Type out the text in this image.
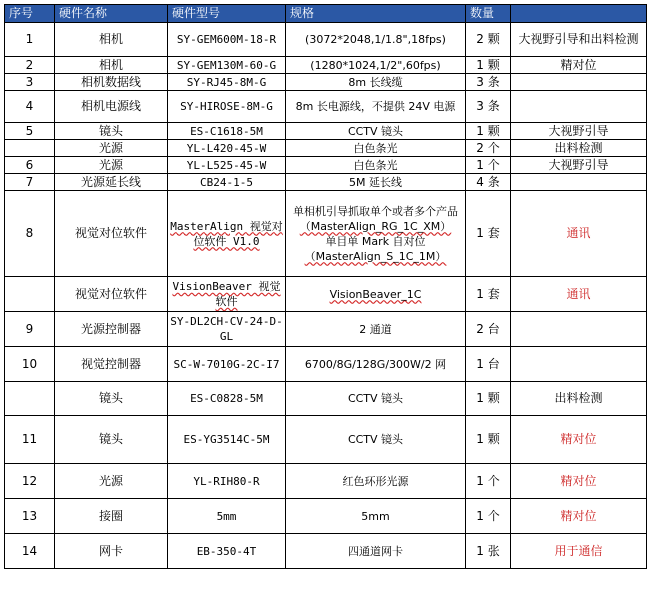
序号	硬件名称	硬件型号	规格	数量	
1	相机	SY-GEM600M-18-R	(3072*2048,1/1.8",18fps)	2 颗	大视野引导和出料检测
2	相机	SY-GEM130M-60-G	(1280*1024,1/2",60fps)	1 颗	精对位
3	相机数据线	SY-RJ45-8M-G	8m 长线缆	3 条	
4	相机电源线	SY-HIROSE-8M-G	8m 长电源线，不提供 24V 电源	3 条	
5	镜头	ES-C1618-5M	CCTV 镜头	1 颗	大视野引导
	光源	YL-L420-45-W	白色条光	2 个	出料检测
6	光源	YL-L525-45-W	白色条光	1 个	大视野引导
7	光源延长线	CB24-1-5	5M 延长线	4 条	
8	视觉对位软件	MasterAlign 视觉对位软件 V1.0	单相机引导抓取单个或者多个产品
（MasterAlign_RG_1C_XM）
单目单 Mark 自对位
（MasterAlign_S_1C_1M）	1 套	通讯
	视觉对位软件	VisionBeaver 视觉软件	VisionBeaver_1C	1 套	通讯
9	光源控制器	SY-DL2CH-CV-24-D-GL	2 通道	2 台	
10	视觉控制器	SC-W-7010G-2C-I7	6700/8G/128G/300W/2 网	1 台	
	镜头	ES-C0828-5M	CCTV 镜头	1 颗	出料检测
11	镜头	ES-YG3514C-5M	CCTV 镜头	1 颗	精对位
12	光源	YL-RIH80-R	红色环形光源	1 个	精对位
13	接圈	5mm	5mm	1 个	精对位
14	网卡	EB-350-4T	四通道网卡	1 张	用于通信
